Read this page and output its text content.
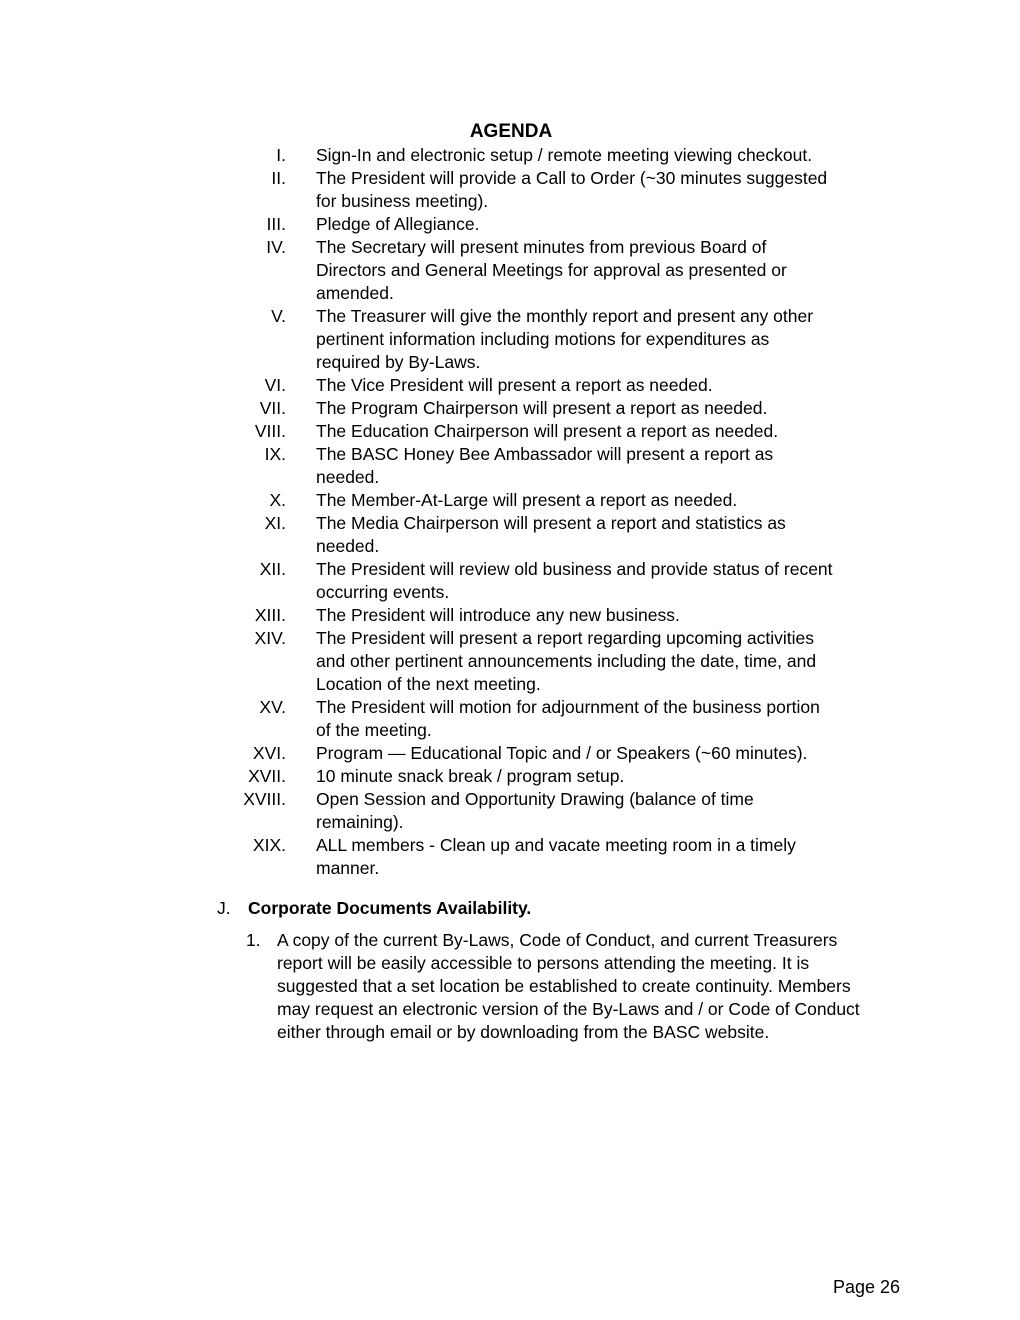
AGENDA
I.	Sign-In and electronic setup / remote meeting viewing checkout.
II.	The President will provide a Call to Order (~30 minutes suggested for business meeting).
III.	Pledge of Allegiance.
IV.	The Secretary will present minutes from previous Board of Directors and General Meetings for approval as presented or amended.
V.	The Treasurer will give the monthly report and present any other pertinent information including motions for expenditures as required by By-Laws.
VI.	The Vice President will present a report as needed.
VII.	The Program Chairperson will present a report as needed.
VIII.	The Education Chairperson will present a report as needed.
IX.	The BASC Honey Bee Ambassador will present a report as needed.
X.	The Member-At-Large will present a report as needed.
XI.	The Media Chairperson will present a report and statistics as needed.
XII.	The President will review old business and provide status of recent occurring events.
XIII.	The President will introduce any new business.
XIV.	The President will present a report regarding upcoming activities and other pertinent announcements including the date, time, and Location of the next meeting.
XV.	The President will motion for adjournment of the business portion of the meeting.
XVI.	Program — Educational Topic and / or Speakers (~60 minutes).
XVII.	10 minute snack break / program setup.
XVIII.	Open Session and Opportunity Drawing (balance of time remaining).
XIX.	ALL members - Clean up and vacate meeting room in a timely manner.
J. Corporate Documents Availability.
1. A copy of the current By-Laws, Code of Conduct, and current Treasurers report will be easily accessible to persons attending the meeting. It is suggested that a set location be established to create continuity. Members may request an electronic version of the By-Laws and / or Code of Conduct either through email or by downloading from the BASC website.
Page 26
